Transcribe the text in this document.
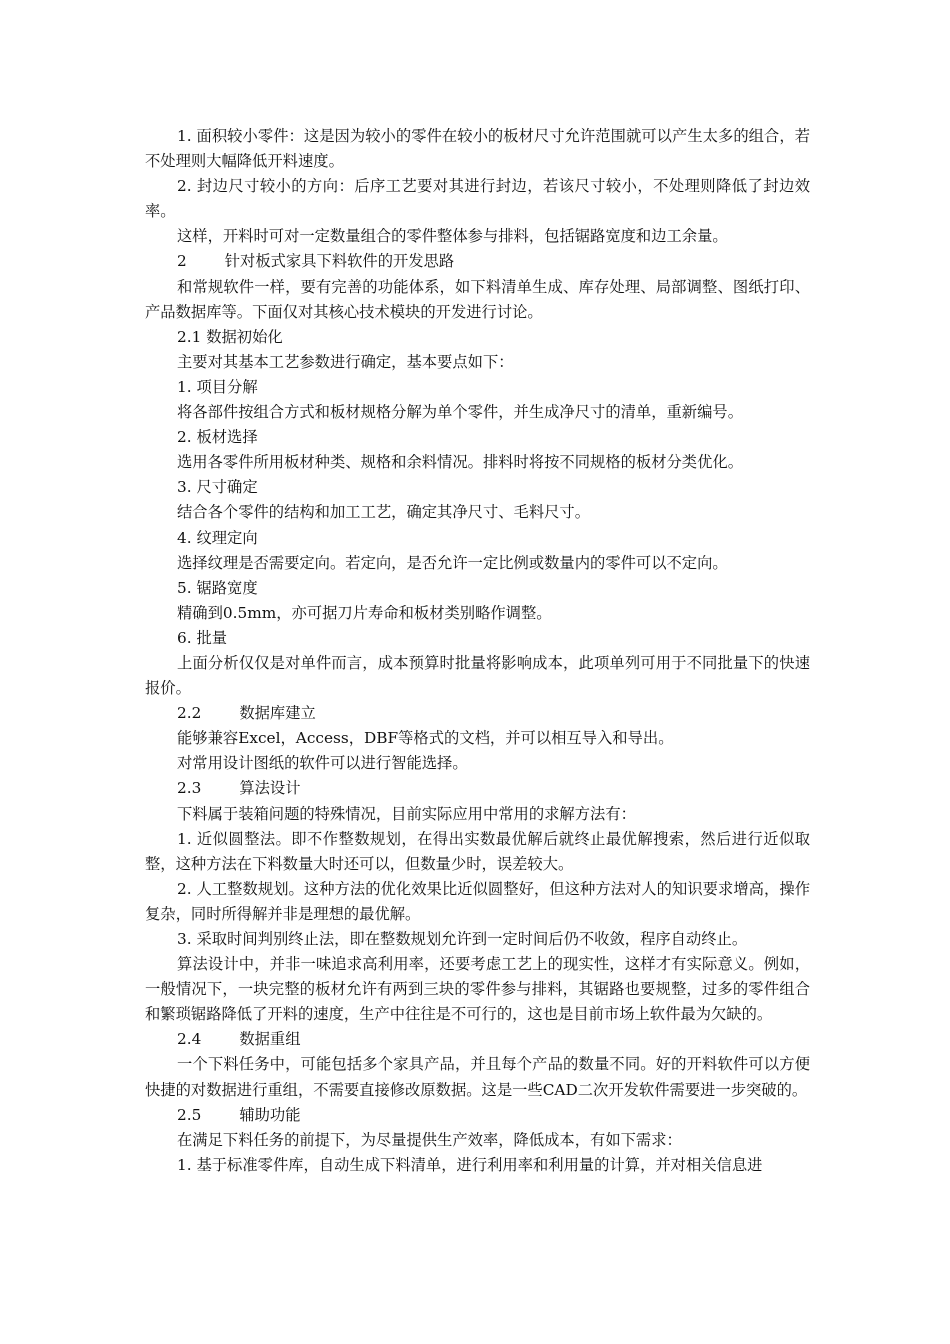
1. 面积较小零件：这是因为较小的零件在较小的板材尺寸允许范围就可以产生太多的组合，若不处理则大幅降低开料速度。

2. 封边尺寸较小的方向：后序工艺要对其进行封边，若该尺寸较小，不处理则降低了封边效率。

这样，开料时可对一定数量组合的零件整体参与排料，包括锯路宽度和边工余量。

2 针对板式家具下料软件的开发思路

和常规软件一样，要有完善的功能体系，如下料清单生成、库存处理、局部调整、图纸打印、产品数据库等。下面仅对其核心技术模块的开发进行讨论。

2.1 数据初始化

主要对其基本工艺参数进行确定，基本要点如下：

1. 项目分解

将各部件按组合方式和板材规格分解为单个零件，并生成净尺寸的清单，重新编号。

2. 板材选择

选用各零件所用板材种类、规格和余料情况。排料时将按不同规格的板材分类优化。

3. 尺寸确定

结合各个零件的结构和加工工艺，确定其净尺寸、毛料尺寸。

4. 纹理定向

选择纹理是否需要定向。若定向，是否允许一定比例或数量内的零件可以不定向。

5. 锯路宽度

精确到0.5mm，亦可据刀片寿命和板材类别略作调整。

6. 批量

上面分析仅仅是对单件而言，成本预算时批量将影响成本，此项单列可用于不同批量下的快速报价。

2.2 数据库建立

能够兼容Excel，Access，DBF等格式的文档，并可以相互导入和导出。

对常用设计图纸的软件可以进行智能选择。

2.3 算法设计

下料属于装箱问题的特殊情况，目前实际应用中常用的求解方法有：

1. 近似圆整法。即不作整数规划，在得出实数最优解后就终止最优解搜索，然后进行近似取整，这种方法在下料数量大时还可以，但数量少时，误差较大。

2. 人工整数规划。这种方法的优化效果比近似圆整好，但这种方法对人的知识要求增高，操作复杂，同时所得解并非是理想的最优解。

3. 采取时间判别终止法，即在整数规划允许到一定时间后仍不收敛，程序自动终止。

算法设计中，并非一味追求高利用率，还要考虑工艺上的现实性，这样才有实际意义。例如，一般情况下，一块完整的板材允许有两到三块的零件参与排料，其锯路也要规整，过多的零件组合和繁琐锯路降低了开料的速度，生产中往往是不可行的，这也是目前市场上软件最为欠缺的。

2.4 数据重组

一个下料任务中，可能包括多个家具产品，并且每个产品的数量不同。好的开料软件可以方便快捷的对数据进行重组，不需要直接修改原数据。这是一些CAD二次开发软件需要进一步突破的。

2.5 辅助功能

在满足下料任务的前提下，为尽量提供生产效率，降低成本，有如下需求：

1. 基于标准零件库，自动生成下料清单，进行利用率和利用量的计算，并对相关信息进
